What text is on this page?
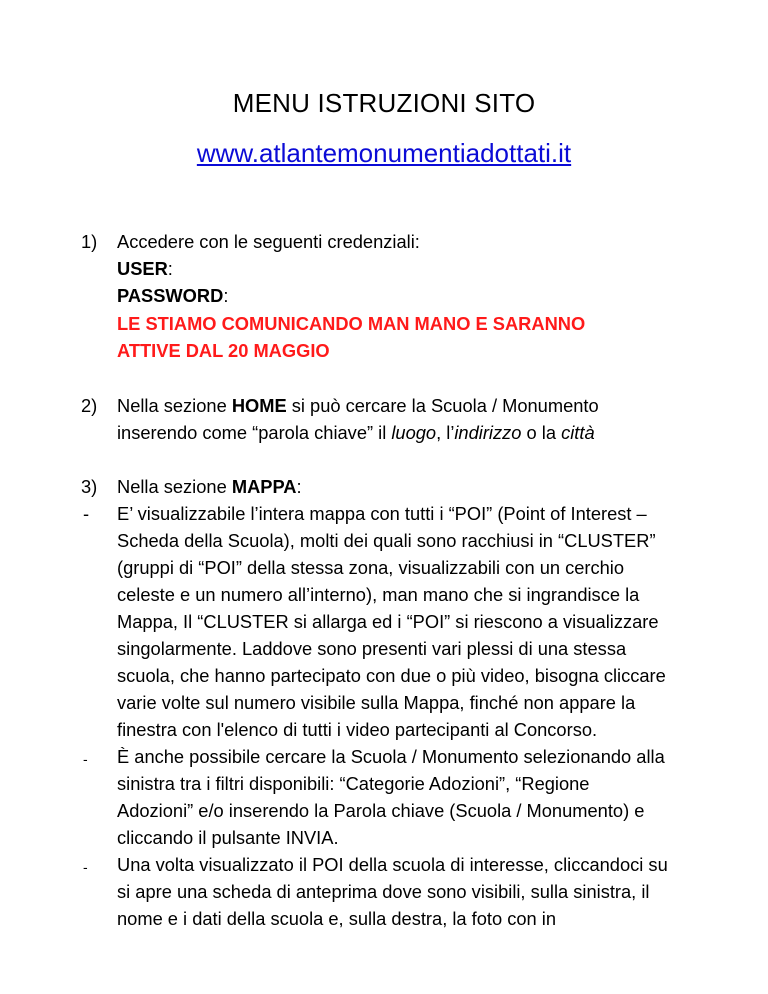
MENU ISTRUZIONI SITO
www.atlantemonumentiadottati.it
1) Accedere con le seguenti credenziali:
USER:
PASSWORD:
LE STIAMO COMUNICANDO MAN MANO E SARANNO
ATTIVE DAL 20 MAGGIO
2) Nella sezione HOME si può cercare la Scuola / Monumento
inserendo come “parola chiave” il luogo, l’indirizzo o la città
3) Nella sezione MAPPA:
- E’ visualizzabile l’intera mappa con tutti i “POI” (Point of Interest –
Scheda della Scuola), molti dei quali sono racchiusi in “CLUSTER”
(gruppi di “POI” della stessa zona, visualizzabili con un cerchio
celeste e un numero all’interno), man mano che si ingrandisce la
Mappa, Il “CLUSTER si allarga ed i “POI” si riescono a visualizzare
singolarmente. Laddove sono presenti vari plessi di una stessa
scuola, che hanno partecipato con due o più video, bisogna cliccare
varie volte sul numero visibile sulla Mappa, finché non appare la
finestra con l'elenco di tutti i video partecipanti al Concorso.
- È anche possibile cercare la Scuola / Monumento selezionando alla
sinistra tra i filtri disponibili: “Categorie Adozioni”, “Regione
Adozioni” e/o inserendo la Parola chiave (Scuola / Monumento) e
cliccando il pulsante INVIA.
- Una volta visualizzato il POI della scuola di interesse, cliccandoci su
si apre una scheda di anteprima dove sono visibili, sulla sinistra, il
nome e i dati della scuola e, sulla destra, la foto con in
